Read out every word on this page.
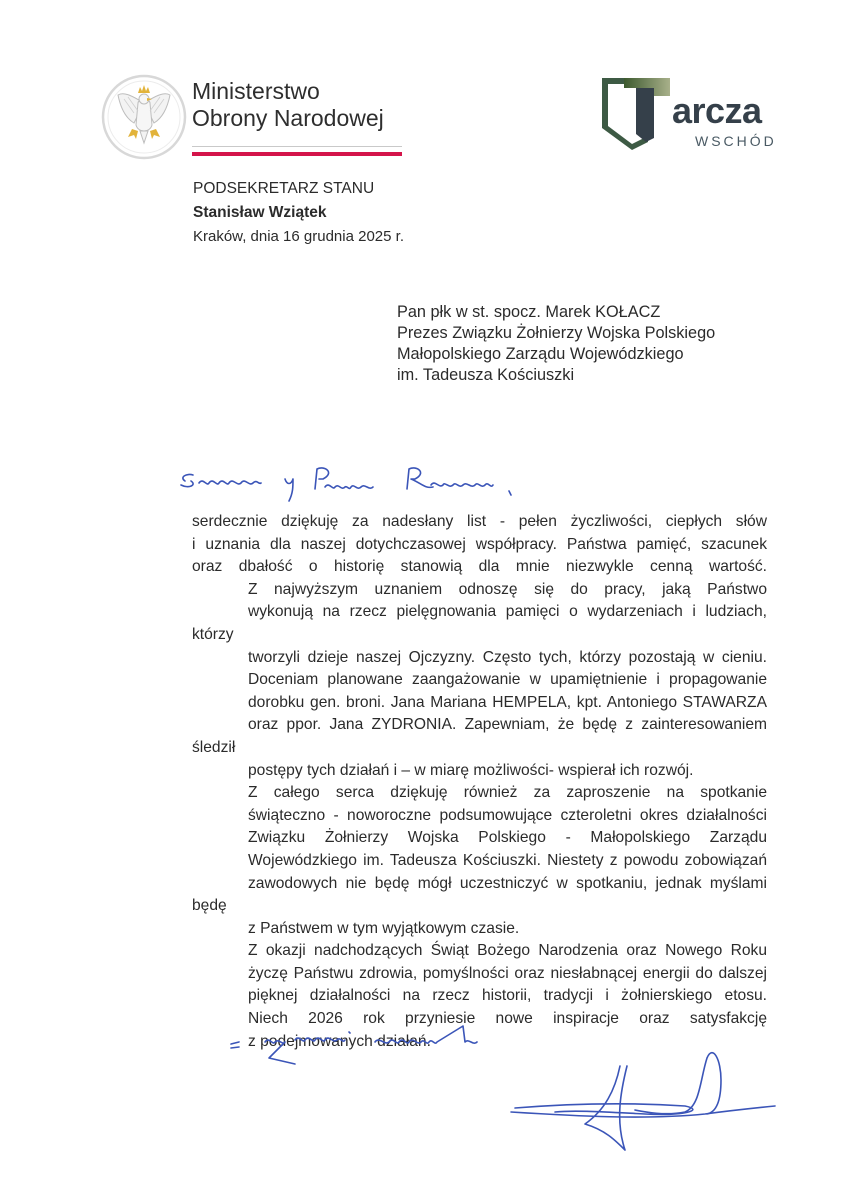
Ministerstwo
Obrony Narodowej	arcza
WSCHÓD
PODSEKRETARZ STANU
Stanisław Wziątek
Kraków, dnia 16 grudnia 2025 r.
Pan płk w st. spocz. Marek KOŁACZ
Prezes Związku Żołnierzy Wojska Polskiego
Małopolskiego Zarządu Wojewódzkiego
im. Tadeusza Kościuszki

serdecznie dziękuję za nadesłany list - pełen życzliwości, ciepłych słów
i uznania dla naszej dotychczasowej współpracy. Państwa pamięć, szacunek
oraz dbałość o historię stanowią dla mnie niezwykle cenną wartość.

Z najwyższym uznaniem odnoszę się do pracy, jaką Państwo
wykonują na rzecz pielęgnowania pamięci o wydarzeniach i ludziach, którzy
tworzyli dzieje naszej Ojczyzny. Często tych, którzy pozostają w cieniu.
Doceniam planowane zaangażowanie w upamiętnienie i propagowanie
dorobku gen. broni. Jana Mariana HEMPELA, kpt. Antoniego STAWARZA
oraz ppor. Jana ZYDRONIA. Zapewniam, że będę z zainteresowaniem śledził
postępy tych działań i – w miarę możliwości- wspierał ich rozwój.

Z całego serca dziękuję również za zaproszenie na spotkanie
świąteczno - noworoczne podsumowujące czteroletni okres działalności
Związku Żołnierzy Wojska Polskiego - Małopolskiego Zarządu
Wojewódzkiego im. Tadeusza Kościuszki. Niestety z powodu zobowiązań
zawodowych nie będę mógł uczestniczyć w spotkaniu, jednak myślami będę
z Państwem w tym wyjątkowym czasie.

Z okazji nadchodzących Świąt Bożego Narodzenia oraz Nowego Roku
życzę Państwu zdrowia, pomyślności oraz niesłabnącej energii do dalszej
pięknej działalności na rzecz historii, tradycji i żołnierskiego etosu.
Niech 2026 rok przyniesie nowe inspiracje oraz satysfakcję
z podejmowanych działań.
